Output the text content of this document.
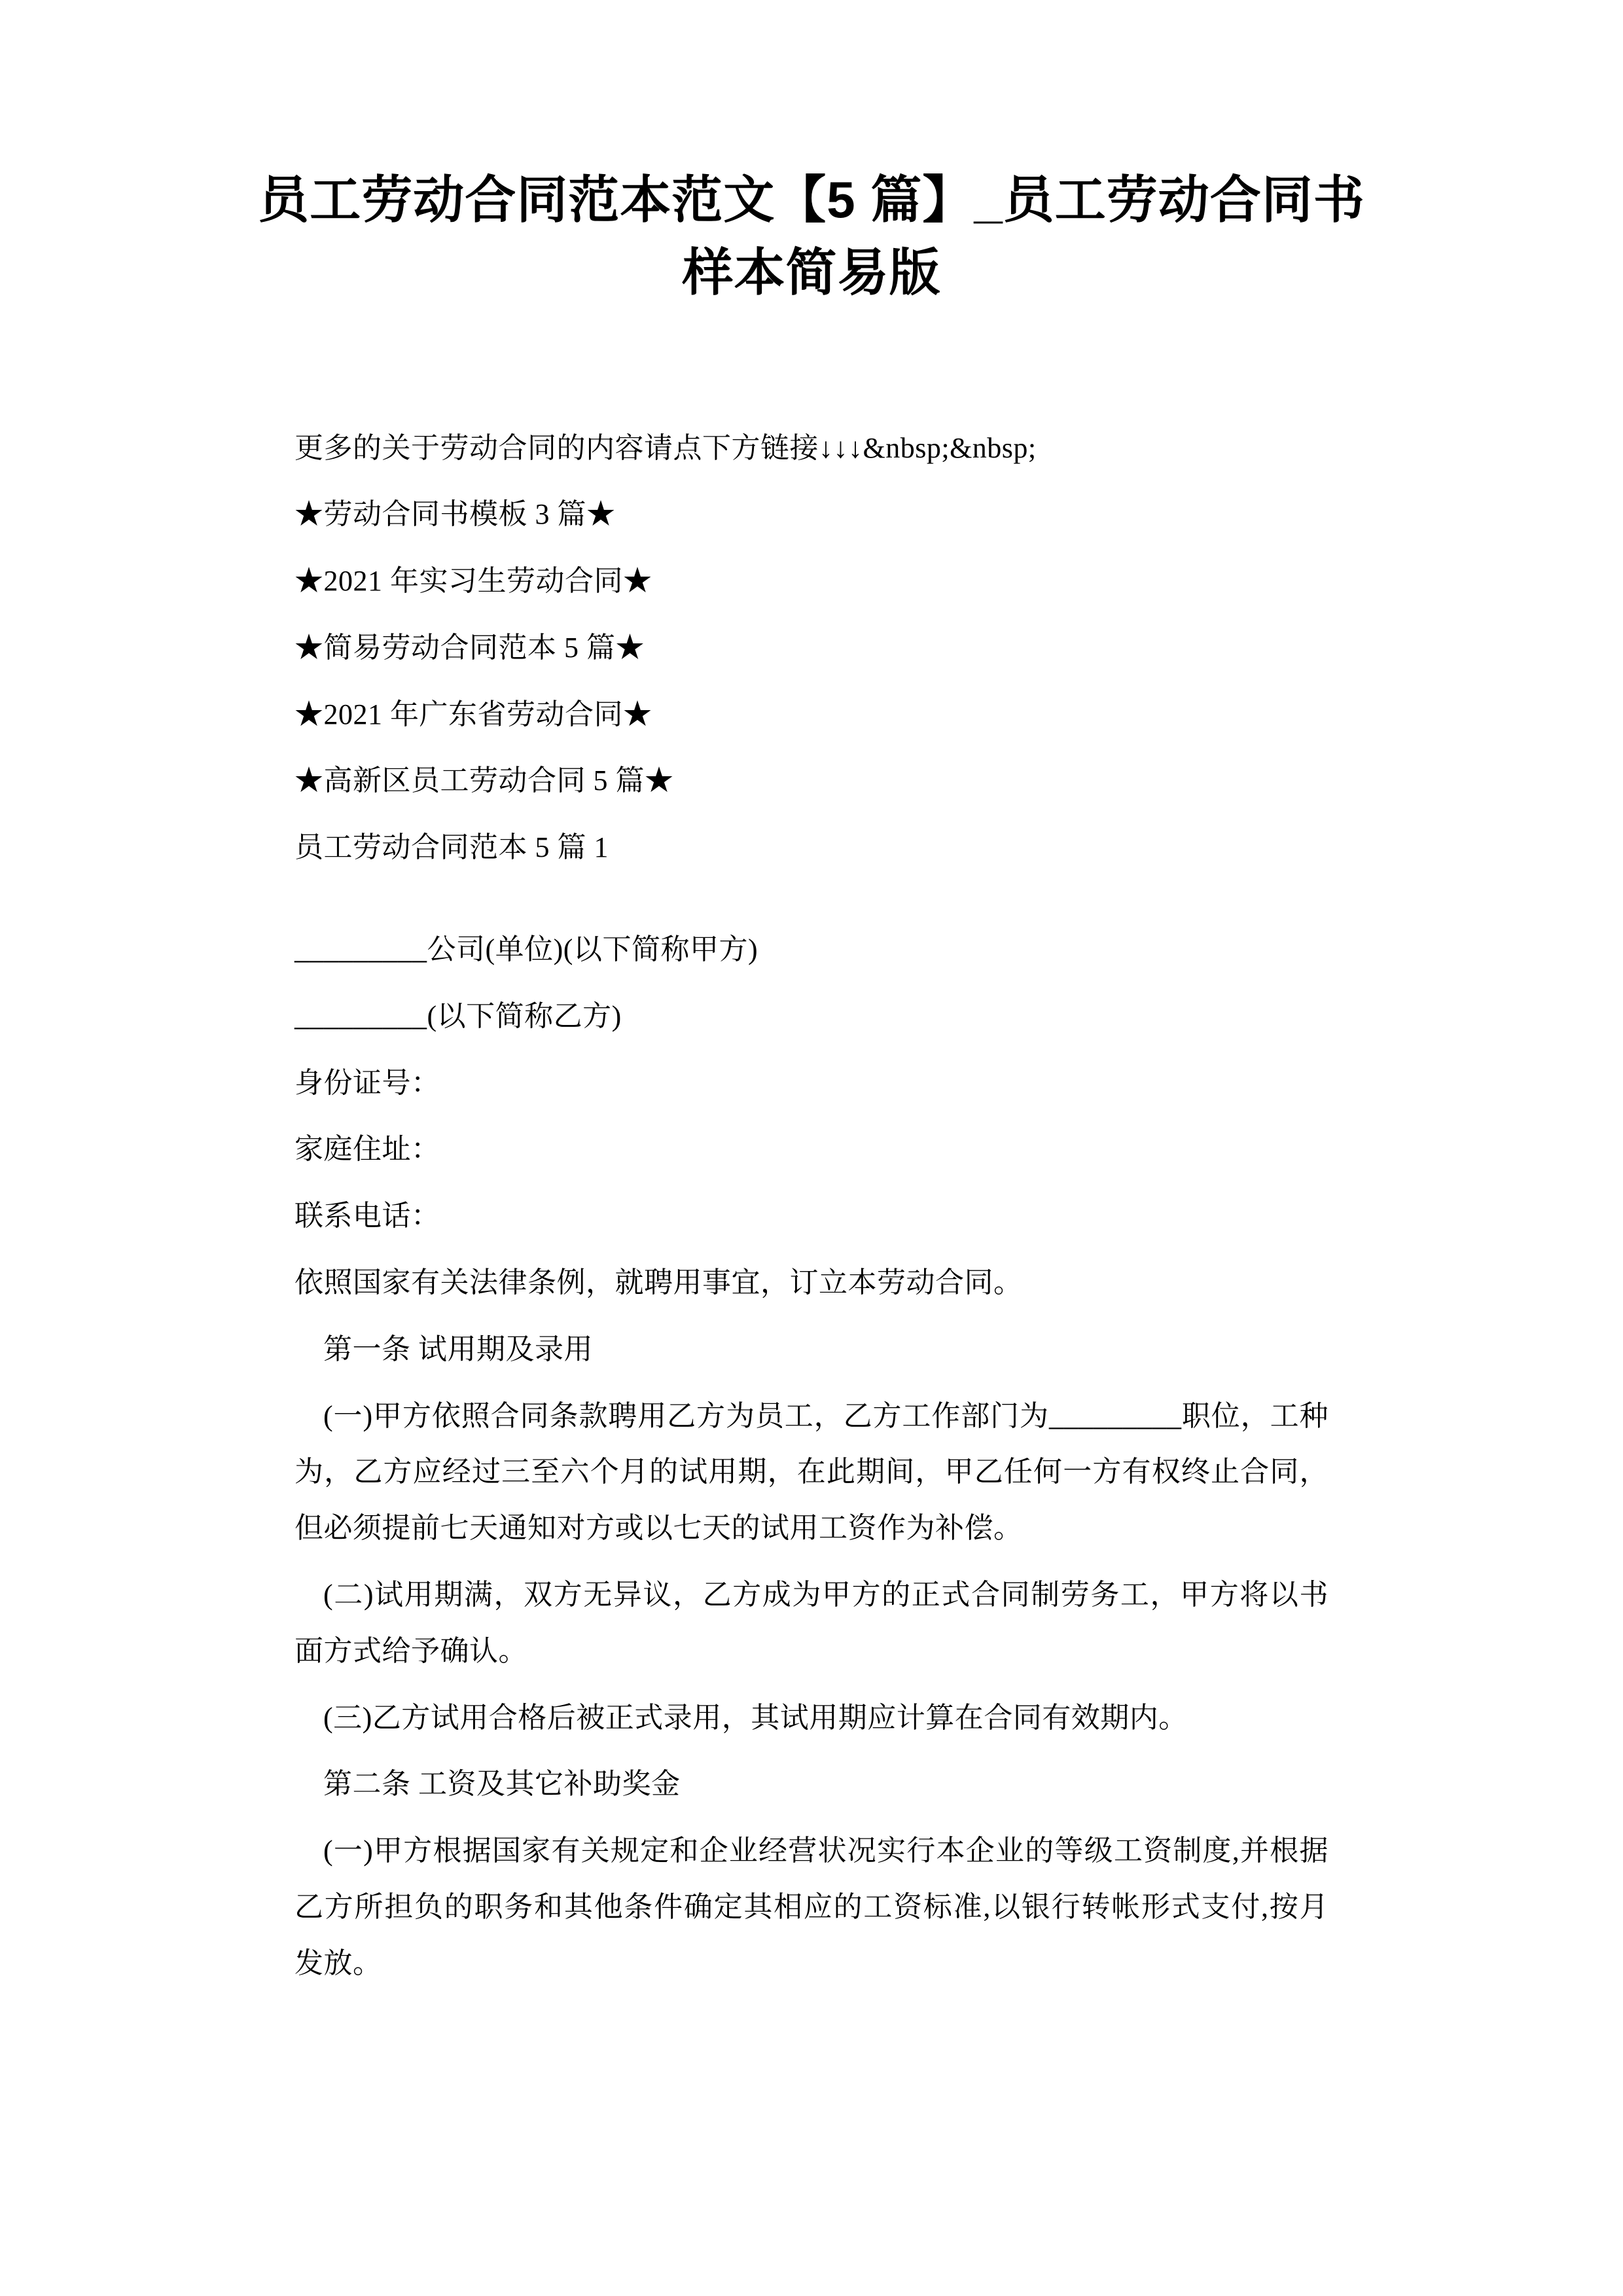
员工劳动合同范本范文【5 篇】_员工劳动合同书样本简易版

更多的关于劳动合同的内容请点下方链接↓↓↓&nbsp;&nbsp;

★劳动合同书模板 3 篇★

★2021 年实习生劳动合同★

★简易劳动合同范本 5 篇★

★2021 年广东省劳动合同★

★高新区员工劳动合同 5 篇★

员工劳动合同范本 5 篇 1

_________公司(单位)(以下简称甲方)

_________(以下简称乙方)

身份证号：

家庭住址：

联系电话：

依照国家有关法律条例，就聘用事宜，订立本劳动合同。

第一条 试用期及录用

(一)甲方依照合同条款聘用乙方为员工，乙方工作部门为_________职位，工种为，乙方应经过三至六个月的试用期，在此期间，甲乙任何一方有权终止合同，但必须提前七天通知对方或以七天的试用工资作为补偿。

(二)试用期满，双方无异议，乙方成为甲方的正式合同制劳务工，甲方将以书面方式给予确认。

(三)乙方试用合格后被正式录用，其试用期应计算在合同有效期内。

第二条 工资及其它补助奖金

(一)甲方根据国家有关规定和企业经营状况实行本企业的等级工资制度,并根据乙方所担负的职务和其他条件确定其相应的工资标准,以银行转帐形式支付,按月发放。
